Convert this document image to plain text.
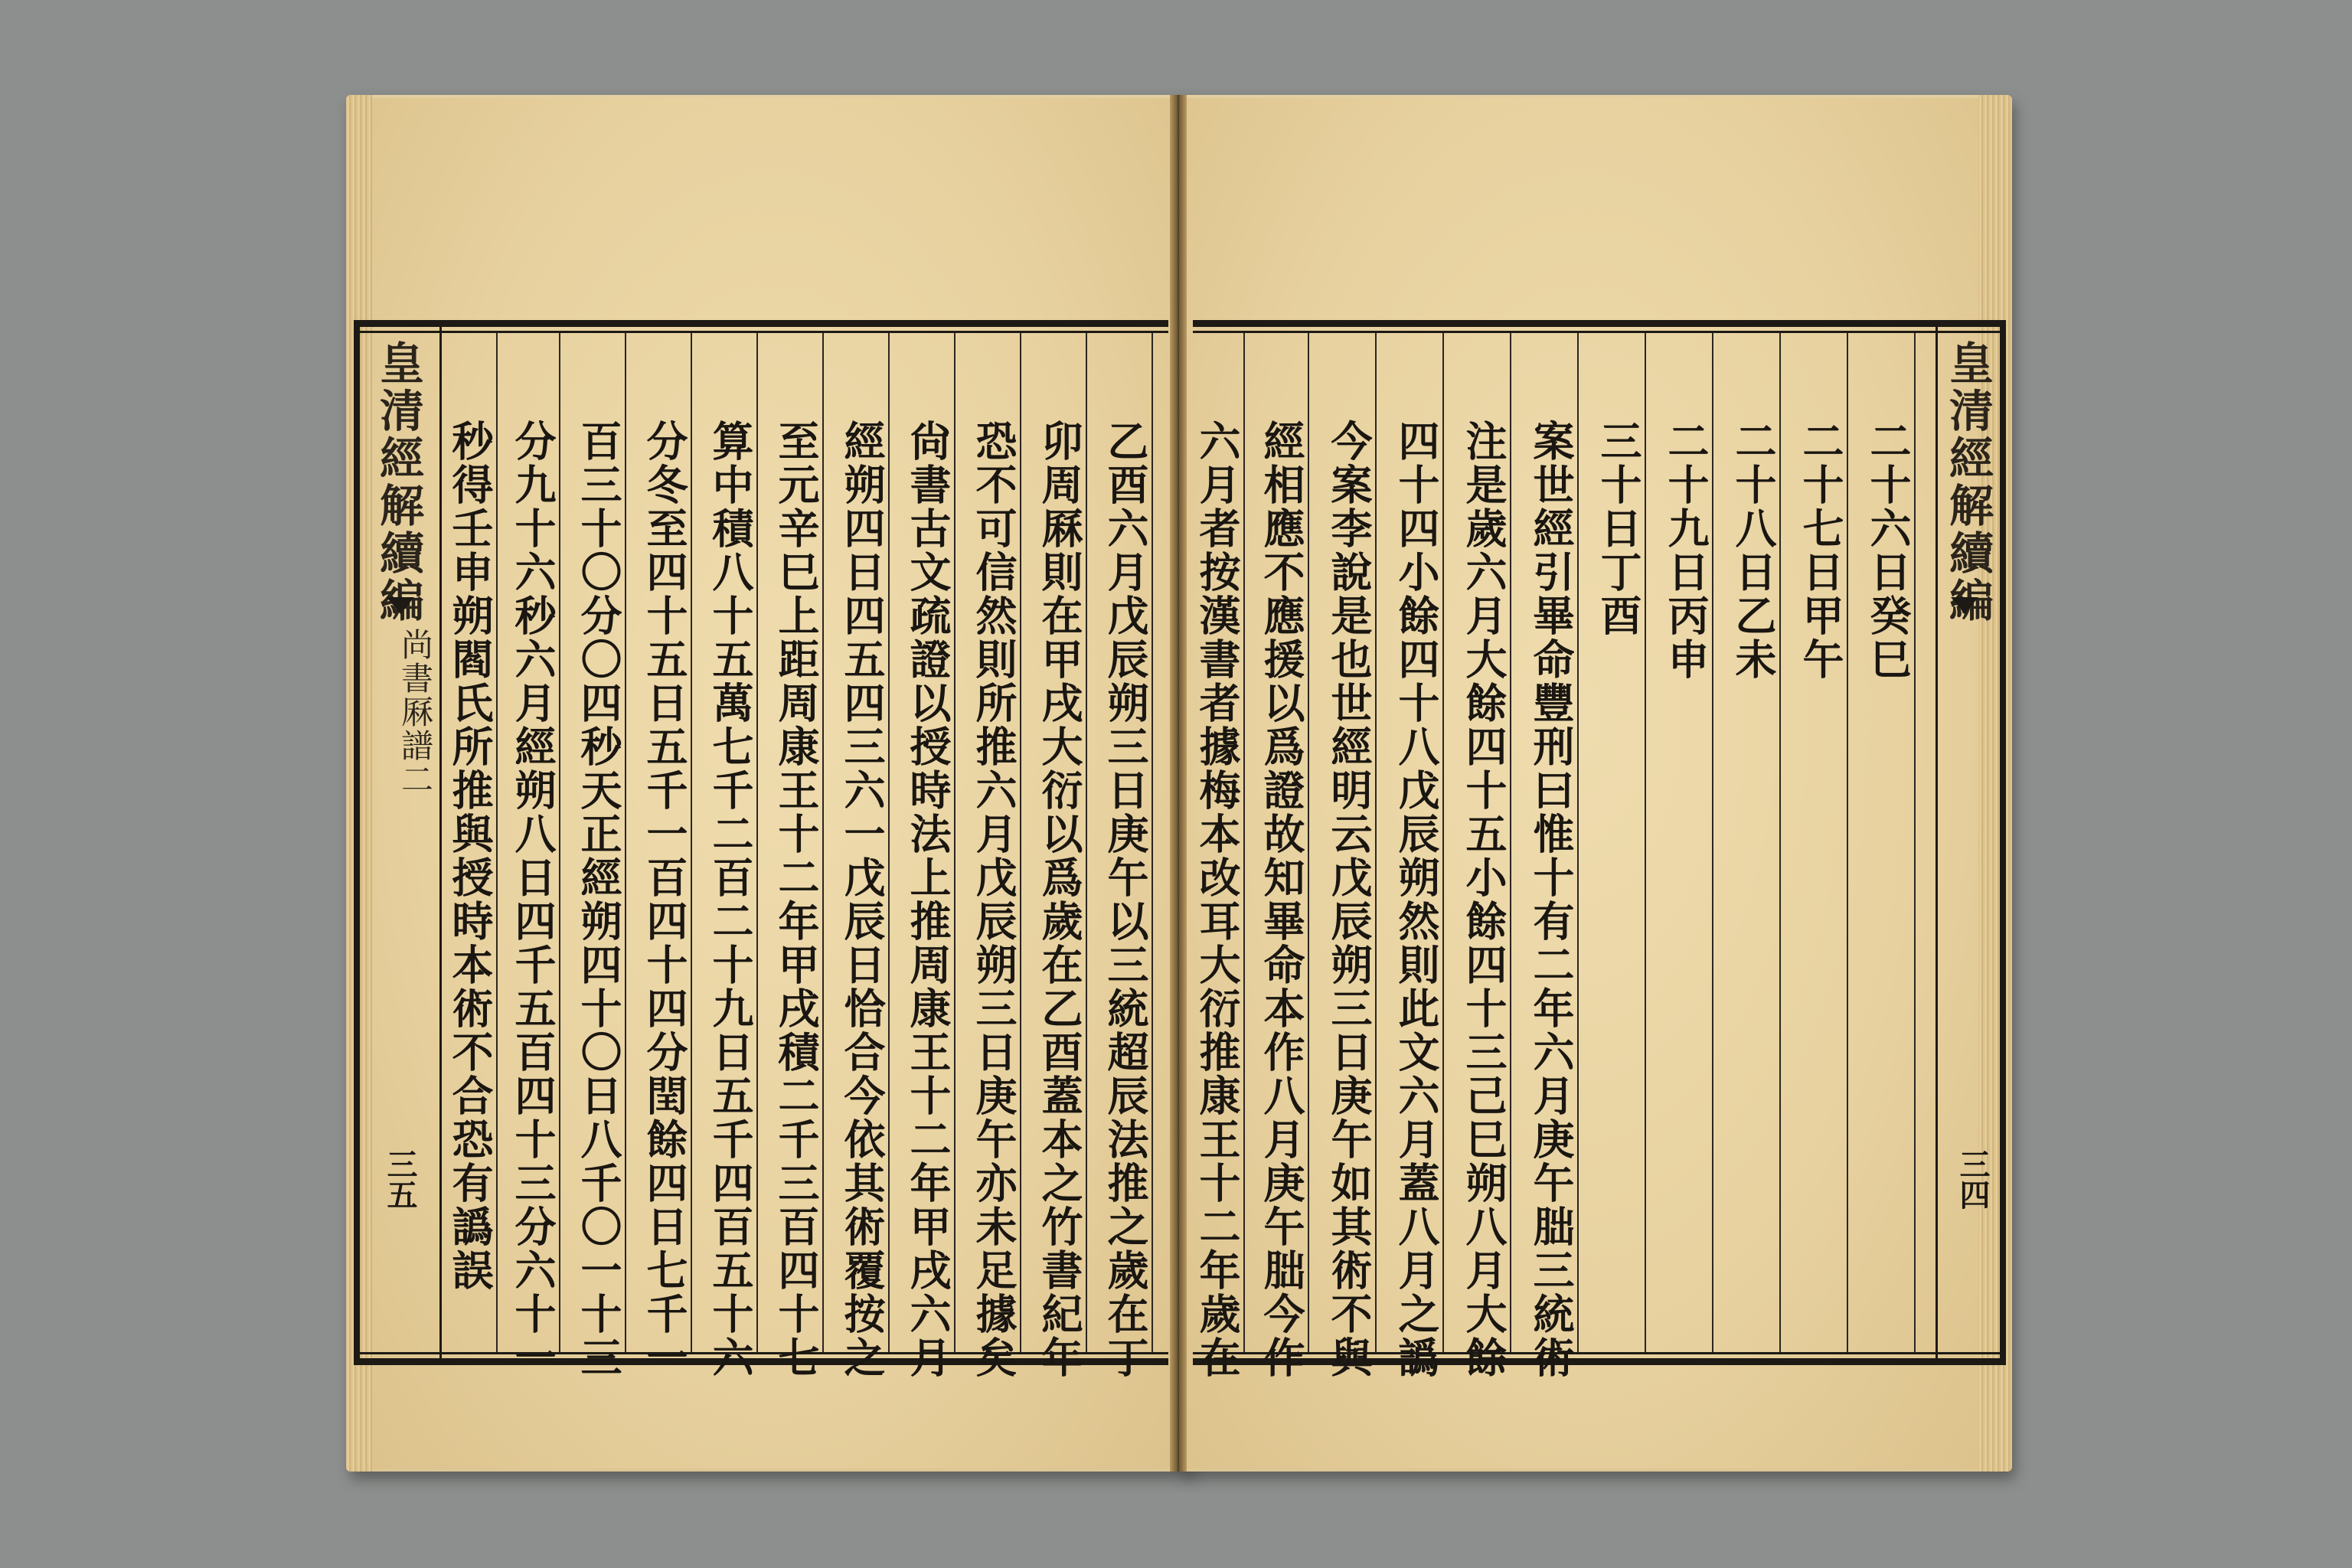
皇清經解續編
尚書厤譜二
三五
皇清經解續編
三四
乙酉六月戊辰朔三日庚午以三統超辰法推之歲在丁
卯周厤則在甲戌大衍以爲歲在乙酉蓋本之竹書紀年
恐不可信然則所推六月戊辰朔三日庚午亦未足據矣
尙書古文疏證以授時法上推周康王十二年甲戌六月
經朔四日四五四三六一戊辰日恰合今依其術覆按之
至元辛巳上距周康王十二年甲戌積二千三百四十七
算中積八十五萬七千二百二十九日五千四百五十六
分冬至四十五日五千一百四十四分閏餘四日七千一
百三十〇分〇四秒天正經朔四十〇日八千〇一十三
分九十六秒六月經朔八日四千五百四十三分六十一
秒得壬申朔閻氏所推與授時本術不合恐有譌誤	二十六日癸巳
二十七日甲午
二十八日乙未
二十九日丙申
三十日丁酉
案世經引畢命豐刑曰惟十有二年六月庚午朏三統術
注是歲六月大餘四十五小餘四十三己巳朔八月大餘
四十四小餘四十八戊辰朔然則此文六月蓋八月之譌
今案李說是也世經明云戊辰朔三日庚午如其術不與
經相應不應援以爲證故知畢命本作八月庚午朏今作
六月者按漢書者據梅本改耳大衍推康王十二年歲在
